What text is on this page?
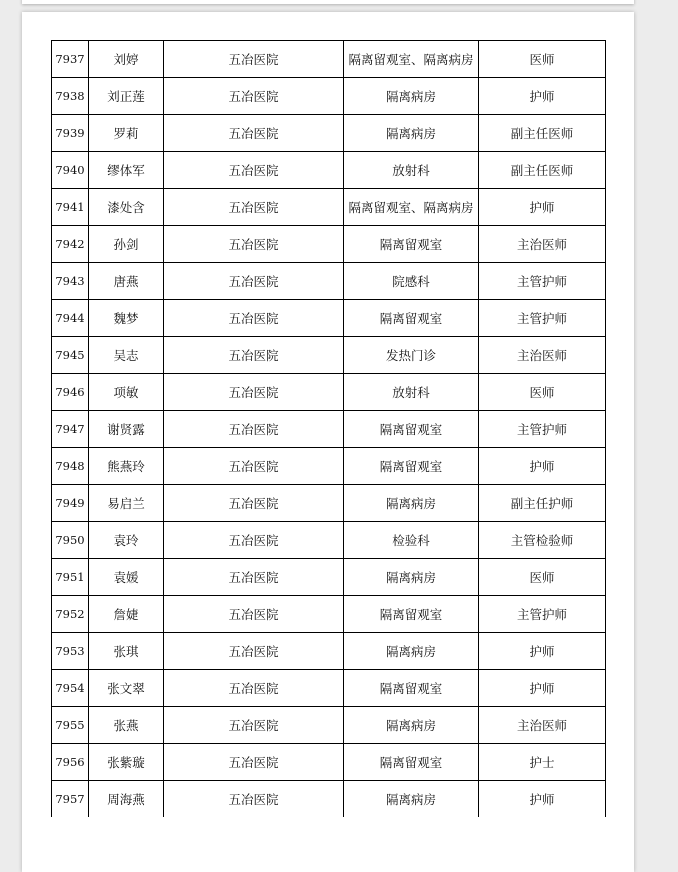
7937	刘婷	五冶医院	隔离留观室、隔离病房	医师
7938	刘正莲	五冶医院	隔离病房	护师
7939	罗莉	五冶医院	隔离病房	副主任医师
7940	缪体军	五冶医院	放射科	副主任医师
7941	漆处含	五冶医院	隔离留观室、隔离病房	护师
7942	孙剑	五冶医院	隔离留观室	主治医师
7943	唐燕	五冶医院	院感科	主管护师
7944	魏梦	五冶医院	隔离留观室	主管护师
7945	吴志	五冶医院	发热门诊	主治医师
7946	项敏	五冶医院	放射科	医师
7947	谢贤露	五冶医院	隔离留观室	主管护师
7948	熊燕玲	五冶医院	隔离留观室	护师
7949	易启兰	五冶医院	隔离病房	副主任护师
7950	袁玲	五冶医院	检验科	主管检验师
7951	袁媛	五冶医院	隔离病房	医师
7952	詹婕	五冶医院	隔离留观室	主管护师
7953	张琪	五冶医院	隔离病房	护师
7954	张文翠	五冶医院	隔离留观室	护师
7955	张燕	五冶医院	隔离病房	主治医师
7956	张紫璇	五冶医院	隔离留观室	护士
7957	周海燕	五冶医院	隔离病房	护师
